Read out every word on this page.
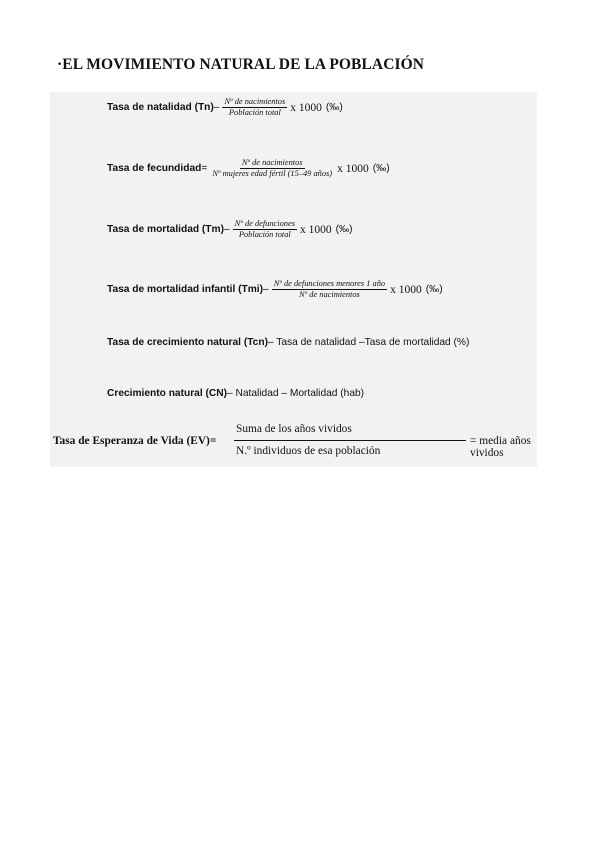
·EL MOVIMIENTO NATURAL DE LA POBLACIÓN
Tasa de natalidad $(Tn)- \frac{\text{Nº de nacimientos}}{\text{Población total}}$ x 1000 (‰)
Tasa de fecundidad= $\frac{\text{Nº de nacimientos}}{\text{Nº mujeres edad fértil (15–49 años)}}$ x 1000 (‰)
Tasa de mortalidad $(Tm)- \frac{\text{Nº de defunciones}}{\text{Población total}}$ x 1000 (‰)
Tasa de mortalidad infantil $(Tmi)- \frac{\text{Nº de defunciones menores 1 año}}{\text{Nº de nacimientos}}$ x 1000 (‰)
Tasa de crecimiento natural (Tcn) – Tasa de natalidad –Tasa de mortalidad (%)
Crecimiento natural (CN) – Natalidad – Mortalidad (hab)
Tasa de Esperanza de Vida (EV)=
Suma de los años vividos
N.º individuos de esa población
= media años vividos
